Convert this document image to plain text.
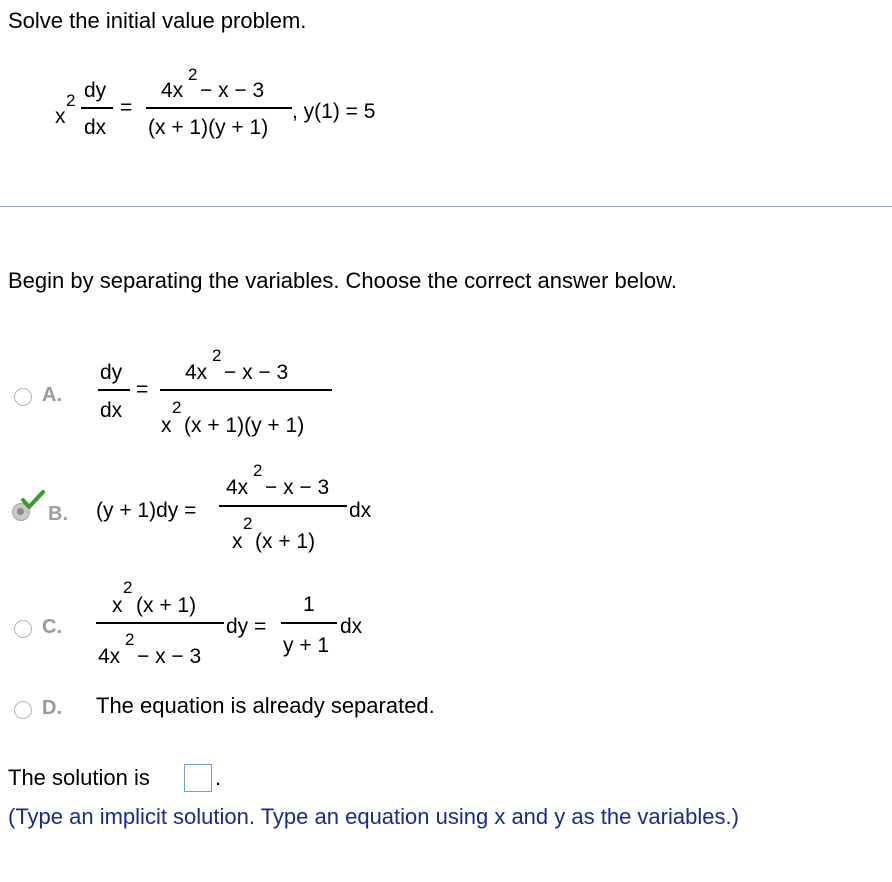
Solve the initial value problem.
x
2 dy
dx
=
4x
2
− x − 3
(x + 1)(y + 1)
, y(1) = 5
Begin by separating the variables. Choose the correct answer below.
A.
dy
dx
=
4x
2
− x − 3
x
2
(x + 1)(y + 1)
B. (y + 1)dy =
4x
2
− x − 3
x
2
(x + 1)
dx
C.
x
2
(x + 1)
4x
2
− x − 3
dy =
1
y + 1
dx
D. The equation is already separated.
The solution is	.
(Type an implicit solution. Type an equation using x and y as the variables.)
